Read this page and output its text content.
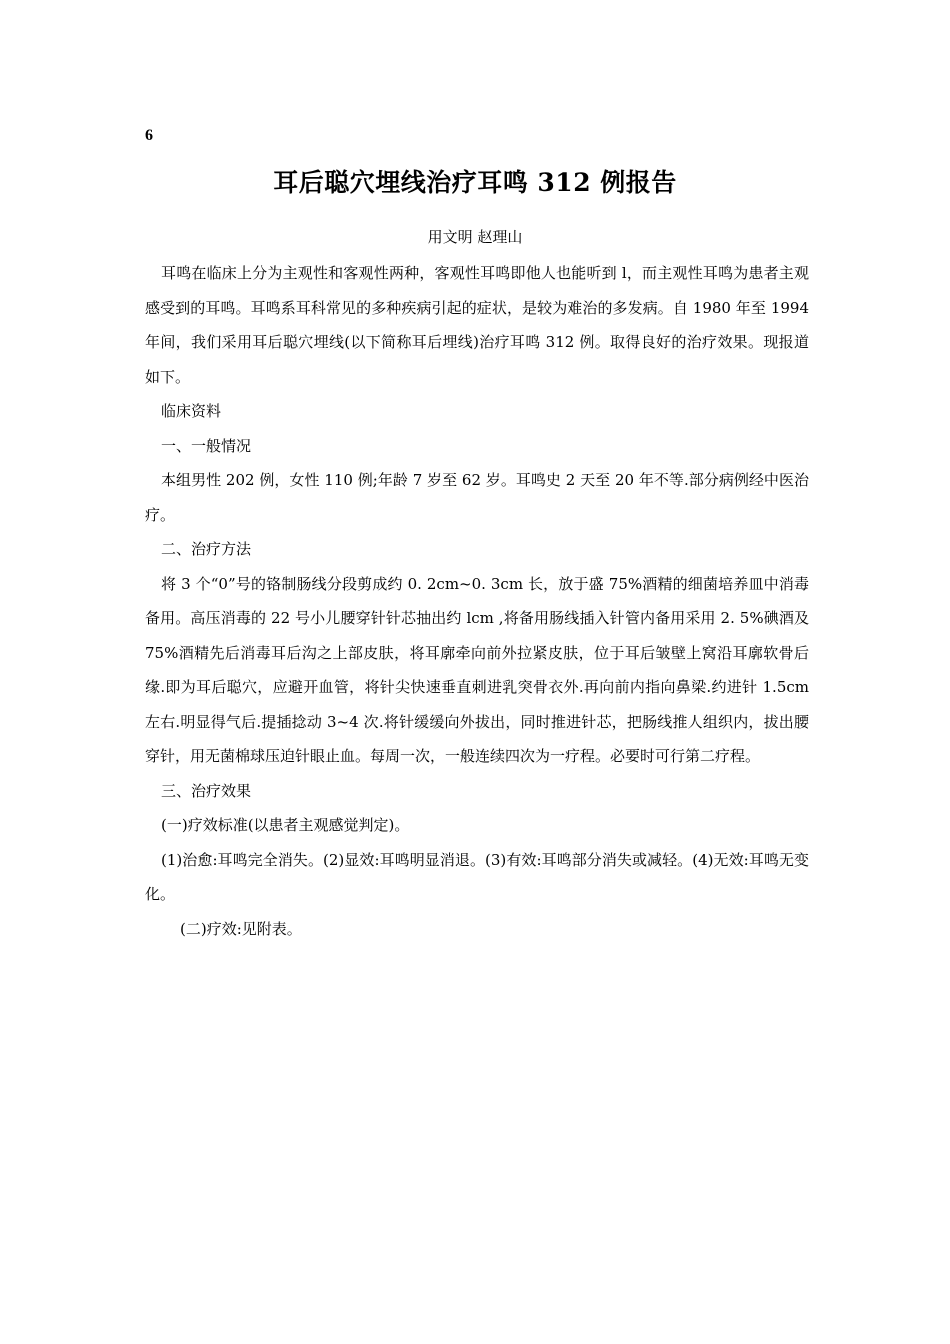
6
耳后聪穴埋线治疗耳鸣 312 例报告
用文明 赵理山

耳鸣在临床上分为主观性和客观性两种，客观性耳鸣即他人也能听到 l，而主观性耳鸣为患者主观感受到的耳鸣。耳鸣系耳科常见的多种疾病引起的症状，是较为难治的多发病。自 1980 年至 1994 年间，我们采用耳后聪穴埋线(以下简称耳后埋线)治疗耳鸣 312 例。取得良好的治疗效果。现报道如下。

临床资料

一、一般情况

本组男性 202 例，女性 110 例;年龄 7 岁至 62 岁。耳鸣史 2 天至 20 年不等.部分病例经中医治疗。

二、治疗方法

将 3 个“0”号的铬制肠线分段剪成约 0. 2cm~0. 3cm 长，放于盛 75%酒精的细菌培养皿中消毒备用。高压消毒的 22 号小儿腰穿针针芯抽出约 lcm ,将备用肠线插入针管内备用采用 2. 5%碘酒及 75%酒精先后消毒耳后沟之上部皮肤，将耳廓牵向前外拉紧皮肤，位于耳后皱壁上窝沿耳廓软骨后缘.即为耳后聪穴，应避开血管，将针尖快速垂直刺进乳突骨衣外.再向前内指向鼻梁.约进针 1.5cm 左右.明显得气后.提插捻动 3~4 次.将针缓缓向外拔出，同时推进针芯，把肠线推人组织内，拔出腰穿针，用无菌棉球压迫针眼止血。每周一次，一般连续四次为一疗程。必要时可行第二疗程。

三、治疗效果

(一)疗效标准(以患者主观感觉判定)。

(1)治愈:耳鸣完全消失。(2)显效:耳鸣明显消退。(3)有效:耳鸣部分消失或减轻。(4)无效:耳鸣无变化。

(二)疗效:见附表。
